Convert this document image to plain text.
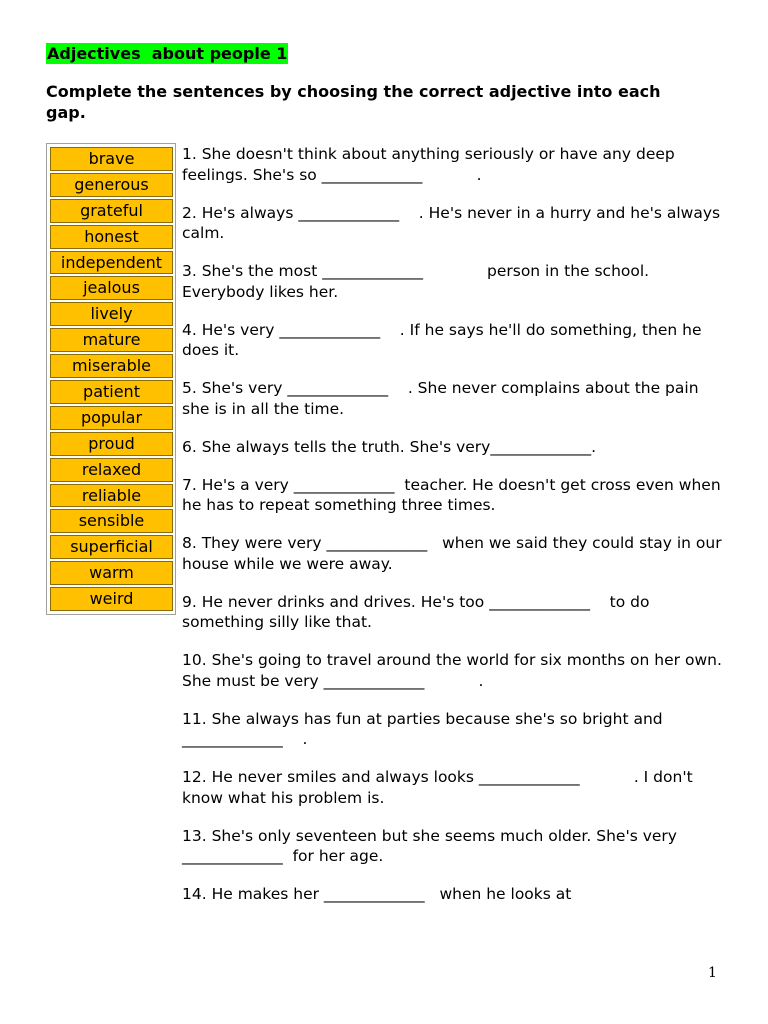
Adjectives  about people 1
Complete the sentences by choosing the correct adjective into each gap.
brave
generous
grateful
honest
independent
jealous
lively
mature
miserable
patient
popular
proud
relaxed
reliable
sensible
superficial
warm
weird

1. She doesn't think about anything seriously or have any deep feelings. She's so _____________           .

2. He's always _____________    . He's never in a hurry and he's always calm.

3. She's the most _____________             person in the school. Everybody likes her.

4. He's very _____________    . If he says he'll do something, then he does it.

5. She's very _____________    . She never complains about the pain she is in all the time.

6. She always tells the truth. She's very_____________.

7. He's a very _____________  teacher. He doesn't get cross even when he has to repeat something three times.

8. They were very _____________   when we said they could stay in our house while we were away.

9. He never drinks and drives. He's too _____________    to do something silly like that.

10. She's going to travel around the world for six months on her own. She must be very _____________           .

11. She always has fun at parties because she's so bright and _____________    .

12. He never smiles and always looks _____________           . I don't know what his problem is.

13. She's only seventeen but she seems much older. She's very _____________  for her age.

14. He makes her _____________   when he looks at

1
